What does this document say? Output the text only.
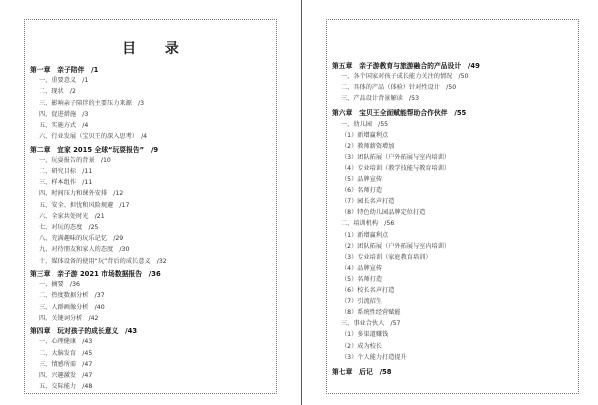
目 录
第一章　亲子陪伴　/1
一、重要意义　/1
二、现状　/2
三、影响亲子陪伴的主要压力来源　/3
四、促进措施　/3
五、实施方式　/4
六、行业发展（宝贝王的深入思考）　/4
第二章　宜家 2015 全球“玩耍报告”　/9
一、玩耍报告的背景　/10
二、研究目标　/11
三、样本组作　/11
四、时间压力和课外安排　/12
五、安全、担忧和风险规避　/17
六、全家共处时光　/21
七、对玩的态度　/25
八、充满趣味的玩乐记忆　/29
九、对待朋友和家人的态度　/30
十、媒体设备的使用“玩”背后的成长意义　/32
第三章　亲子游 2021 市场数据报告　/36
一、摘要　/36
二、热度数据分析　/37
三、人群画像分析　/40
四、关键词分析　/42
第四章　玩对孩子的成长意义　/43
一、心理健康　/43
二、大脑发育　/45
三、情感所需　/47
四、兴趣激发　/47
五、交际能力　/48
第五章　亲子游教育与旅游融合的产品设计　/49
一、各个国家对孩子成长能力关注的情况　/50
二、具体的产品（体验）针对性设计　/50
三、产品设计背景解读　/53
第六章　宝贝王全面赋能帮助合作伙伴　/55
一、幼儿园　/55
（1）新增赢利点
（2）教师薪资增加
（3）团队拓展（户外拓展与室内培训）
（4）专业培训（教学技能与教育培训）
（5）品牌宣传
（6）名师打造
（7）园长名声打造
（8）特色幼儿园品牌定位打造
二、培训机构　/56
（1）新增赢利点
（2）团队拓展（户外拓展与室内培训）
（3）专业培训（家庭教育培训）
（4）品牌宣传
（5）名师打造
（6）校长名声打造
（7）引流招生
（8）系统性经营赋能
三、事业合伙人　/57
（1）多渠道赚钱
（2）成为校长
（3）个人能力打造提升
第七章　后记　/58
